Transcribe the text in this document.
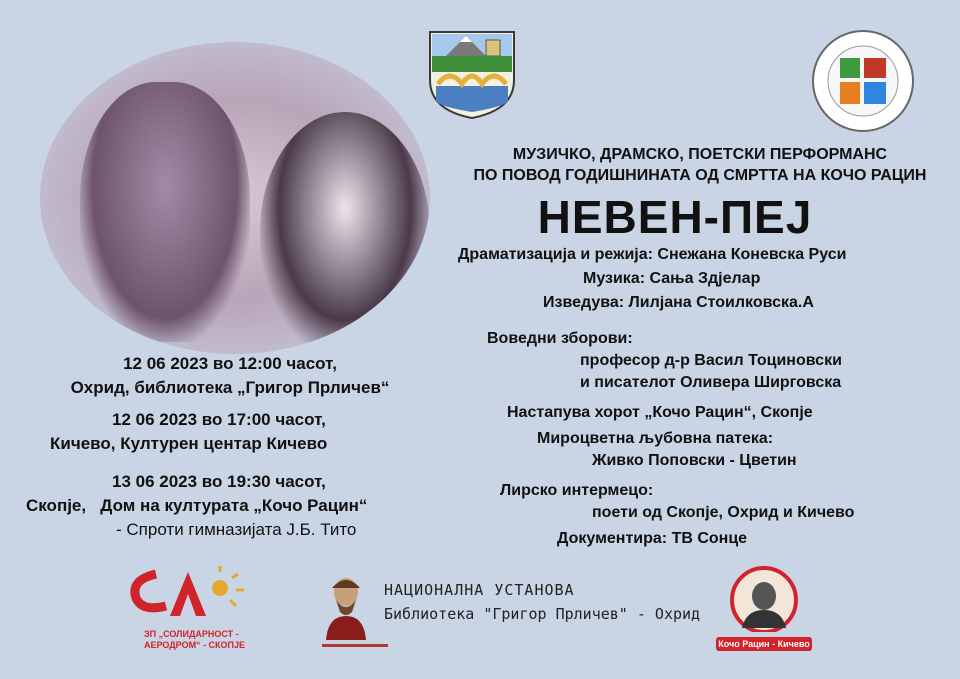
МУЗИЧКО, ДРАМСКО, ПОЕТСКИ ПЕРФОРМАНС
ПО ПОВОД ГОДИШНИНАТА ОД СМРТТА НА КОЧО РАЦИН
НЕВЕН-ПЕЈ
Драматизација и режија: Снежана Коневска Руси
Музика: Сања Здјелар
Изведува: Лилјана Стоилковска.А
Воведни зборови:
професор д-р Васил Тоциновски
и писателот Оливера Ширговска
Настапува хорот „Кочо Рацин“, Скопје
Мироцветна љубовна патека:
Живко Поповски - Цветин
Лирско интермецо:
поети од Скопје, Охрид и Кичево
Документира: ТВ Сонце
12 06 2023 во 12:00 часот,
Охрид, библиотека „Григор Прличев“
12 06 2023 во 17:00 часот,
Кичево, Културен центар Кичево
13 06 2023 во 19:30 часот,
Скопје,   Дом на културата „Кочо Рацин“
- Спроти гимназијата Ј.Б. Тито
ЗП „СОЛИДАРНОСТ -
АЕРОДРОМ“ - СКОПЈЕ
НАЦИОНАЛНА УСТАНОВА
Библиотека "Григор Прличев" - Охрид
Кочо Рацин - Кичево
